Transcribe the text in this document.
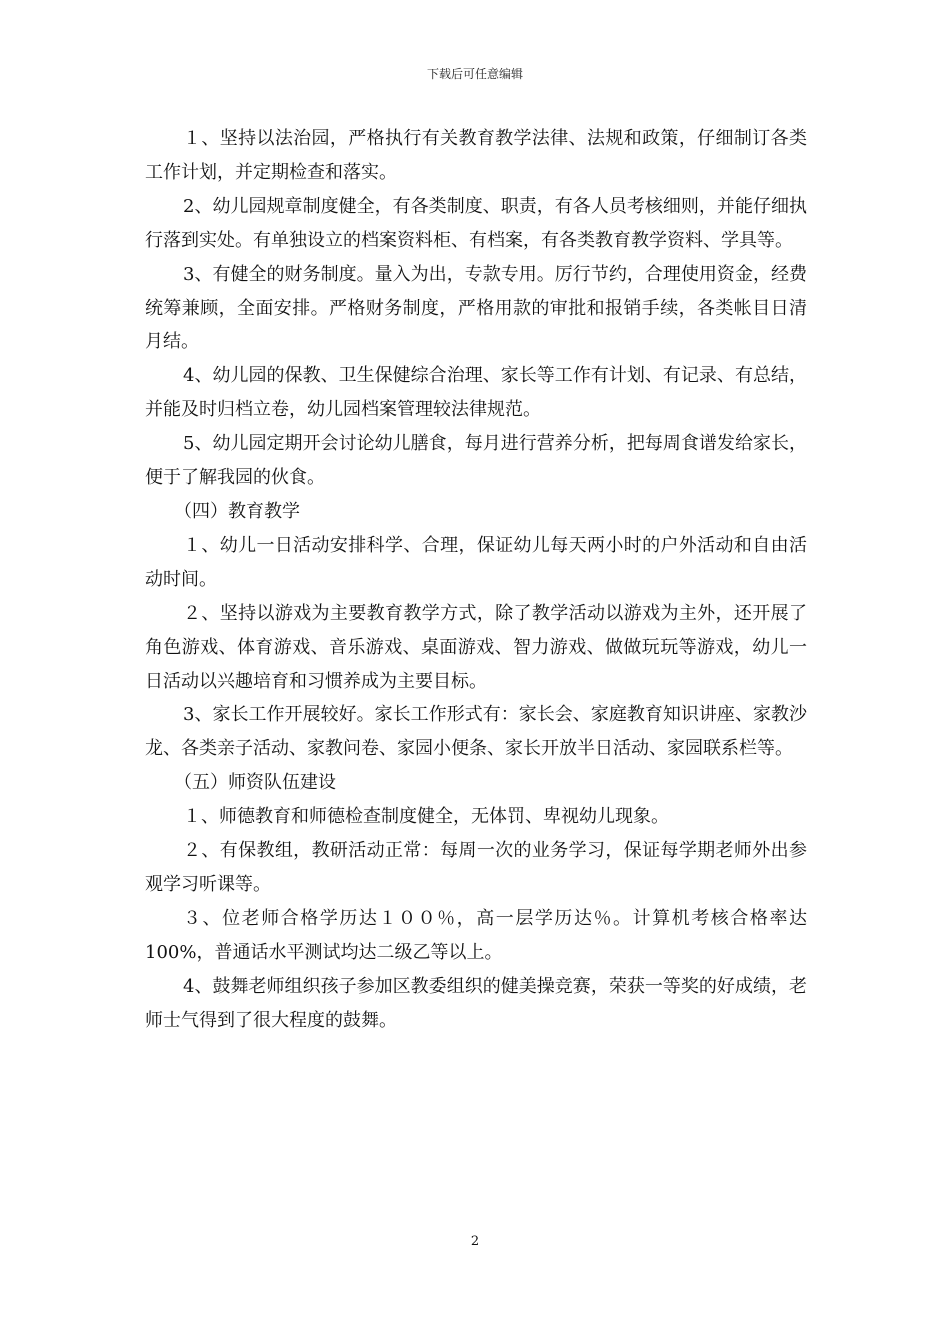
下载后可任意编辑

１、坚持以法治园，严格执行有关教育教学法律、法规和政策，仔细制订各类工作计划，并定期检查和落实。

2、幼儿园规章制度健全，有各类制度、职责，有各人员考核细则，并能仔细执行落到实处。有单独设立的档案资料柜、有档案，有各类教育教学资料、学具等。

3、有健全的财务制度。量入为出，专款专用。厉行节约，合理使用资金，经费统筹兼顾，全面安排。严格财务制度，严格用款的审批和报销手续，各类帐目日清月结。

4、幼儿园的保教、卫生保健综合治理、家长等工作有计划、有记录、有总结，并能及时归档立卷，幼儿园档案管理较法律规范。

5、幼儿园定期开会讨论幼儿膳食，每月进行营养分析，把每周食谱发给家长，便于了解我园的伙食。

（四）教育教学

１、幼儿一日活动安排科学、合理，保证幼儿每天两小时的户外活动和自由活动时间。

２、坚持以游戏为主要教育教学方式，除了教学活动以游戏为主外，还开展了角色游戏、体育游戏、音乐游戏、桌面游戏、智力游戏、做做玩玩等游戏，幼儿一日活动以兴趣培育和习惯养成为主要目标。

3、家长工作开展较好。家长工作形式有：家长会、家庭教育知识讲座、家教沙龙、各类亲子活动、家教问卷、家园小便条、家长开放半日活动、家园联系栏等。

（五）师资队伍建设

１、师德教育和师德检查制度健全，无体罚、卑视幼儿现象。

２、有保教组，教研活动正常：每周一次的业务学习，保证每学期老师外出参观学习听课等。

３、位老师合格学历达１００％，高一层学历达％。计算机考核合格率达100%，普通话水平测试均达二级乙等以上。

4、鼓舞老师组织孩子参加区教委组织的健美操竞赛，荣获一等奖的好成绩，老师士气得到了很大程度的鼓舞。

2
